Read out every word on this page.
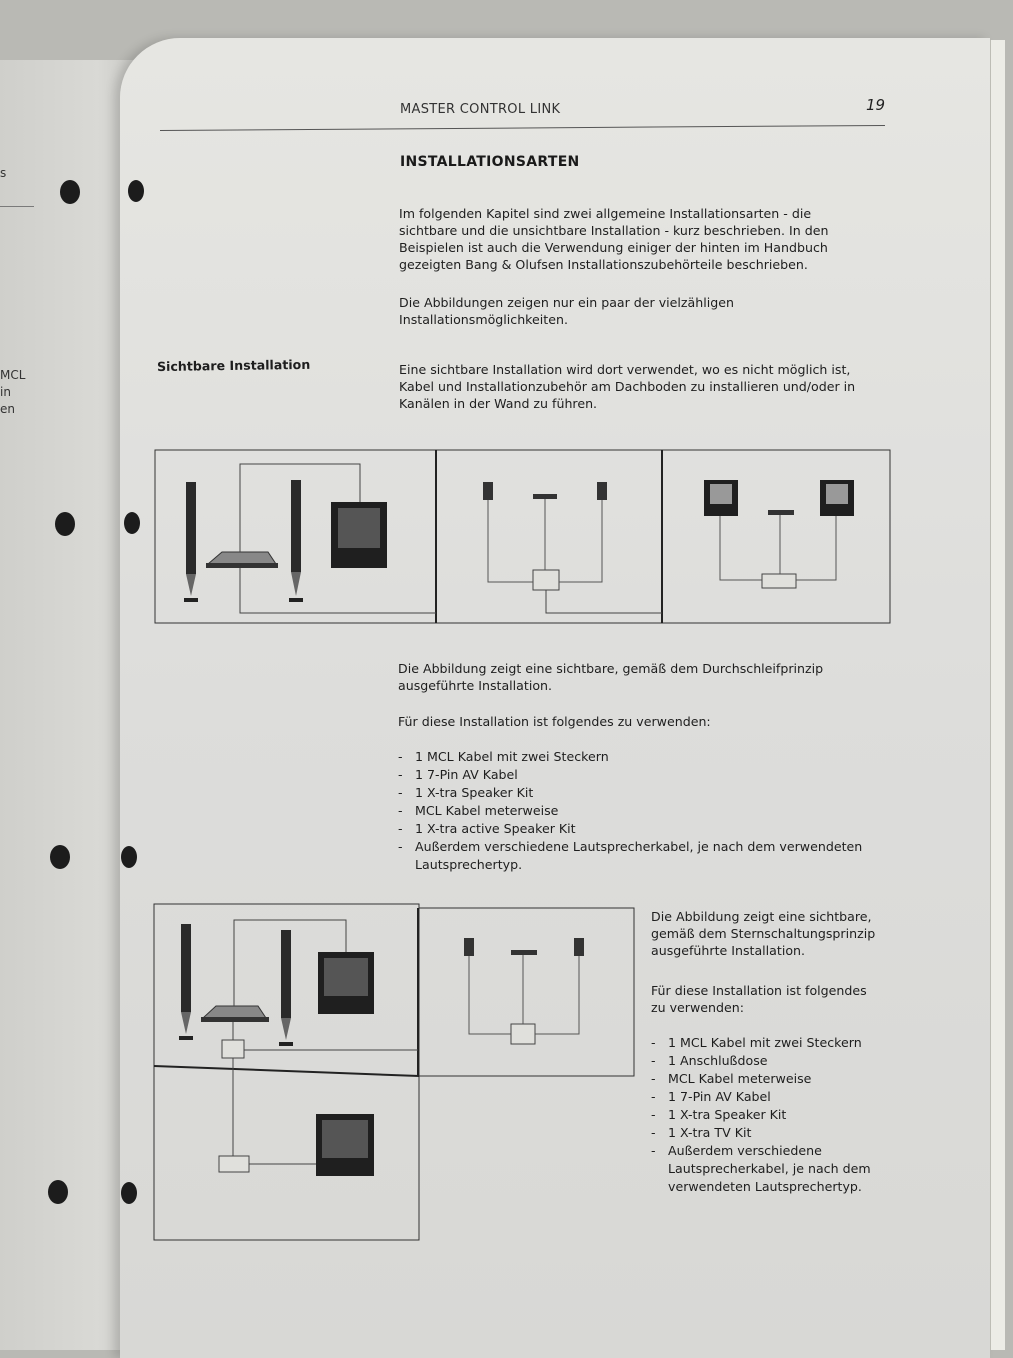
s
MCL
in
en
MASTER CONTROL LINK	19
INSTALLATIONSARTEN
Im folgenden Kapitel sind zwei allgemeine Installationsarten - die
sichtbare und die unsichtbare Installation - kurz beschrieben. In den
Beispielen ist auch die Verwendung einiger der hinten im Handbuch
gezeigten Bang & Olufsen Installationszubehörteile beschrieben.
Die Abbildungen zeigen nur ein paar der vielzähligen
Installationsmöglichkeiten.
Sichtbare Installation	Eine sichtbare Installation wird dort verwendet, wo es nicht möglich ist,
Kabel und Installationzubehör am Dachboden zu installieren und/oder in
Kanälen in der Wand zu führen.
Die Abbildung zeigt eine sichtbare, gemäß dem Durchschleifprinzip
ausgeführte Installation.
Für diese Installation ist folgendes zu verwenden:
- 1 MCL Kabel mit zwei Steckern
- 1 7-Pin AV Kabel
- 1 X-tra Speaker Kit
- MCL Kabel meterweise
- 1 X-tra active Speaker Kit
- Außerdem verschiedene Lautsprecherkabel, je nach dem verwendeten
Lautsprechertyp.
Die Abbildung zeigt eine sichtbare,
gemäß dem Sternschaltungsprinzip
ausgeführte Installation.
Für diese Installation ist folgendes
zu verwenden:
- 1 MCL Kabel mit zwei Steckern
- 1 Anschlußdose
- MCL Kabel meterweise
- 1 7-Pin AV Kabel
- 1 X-tra Speaker Kit
- 1 X-tra TV Kit
- Außerdem verschiedene
Lautsprecherkabel, je nach dem
verwendeten Lautsprechertyp.
